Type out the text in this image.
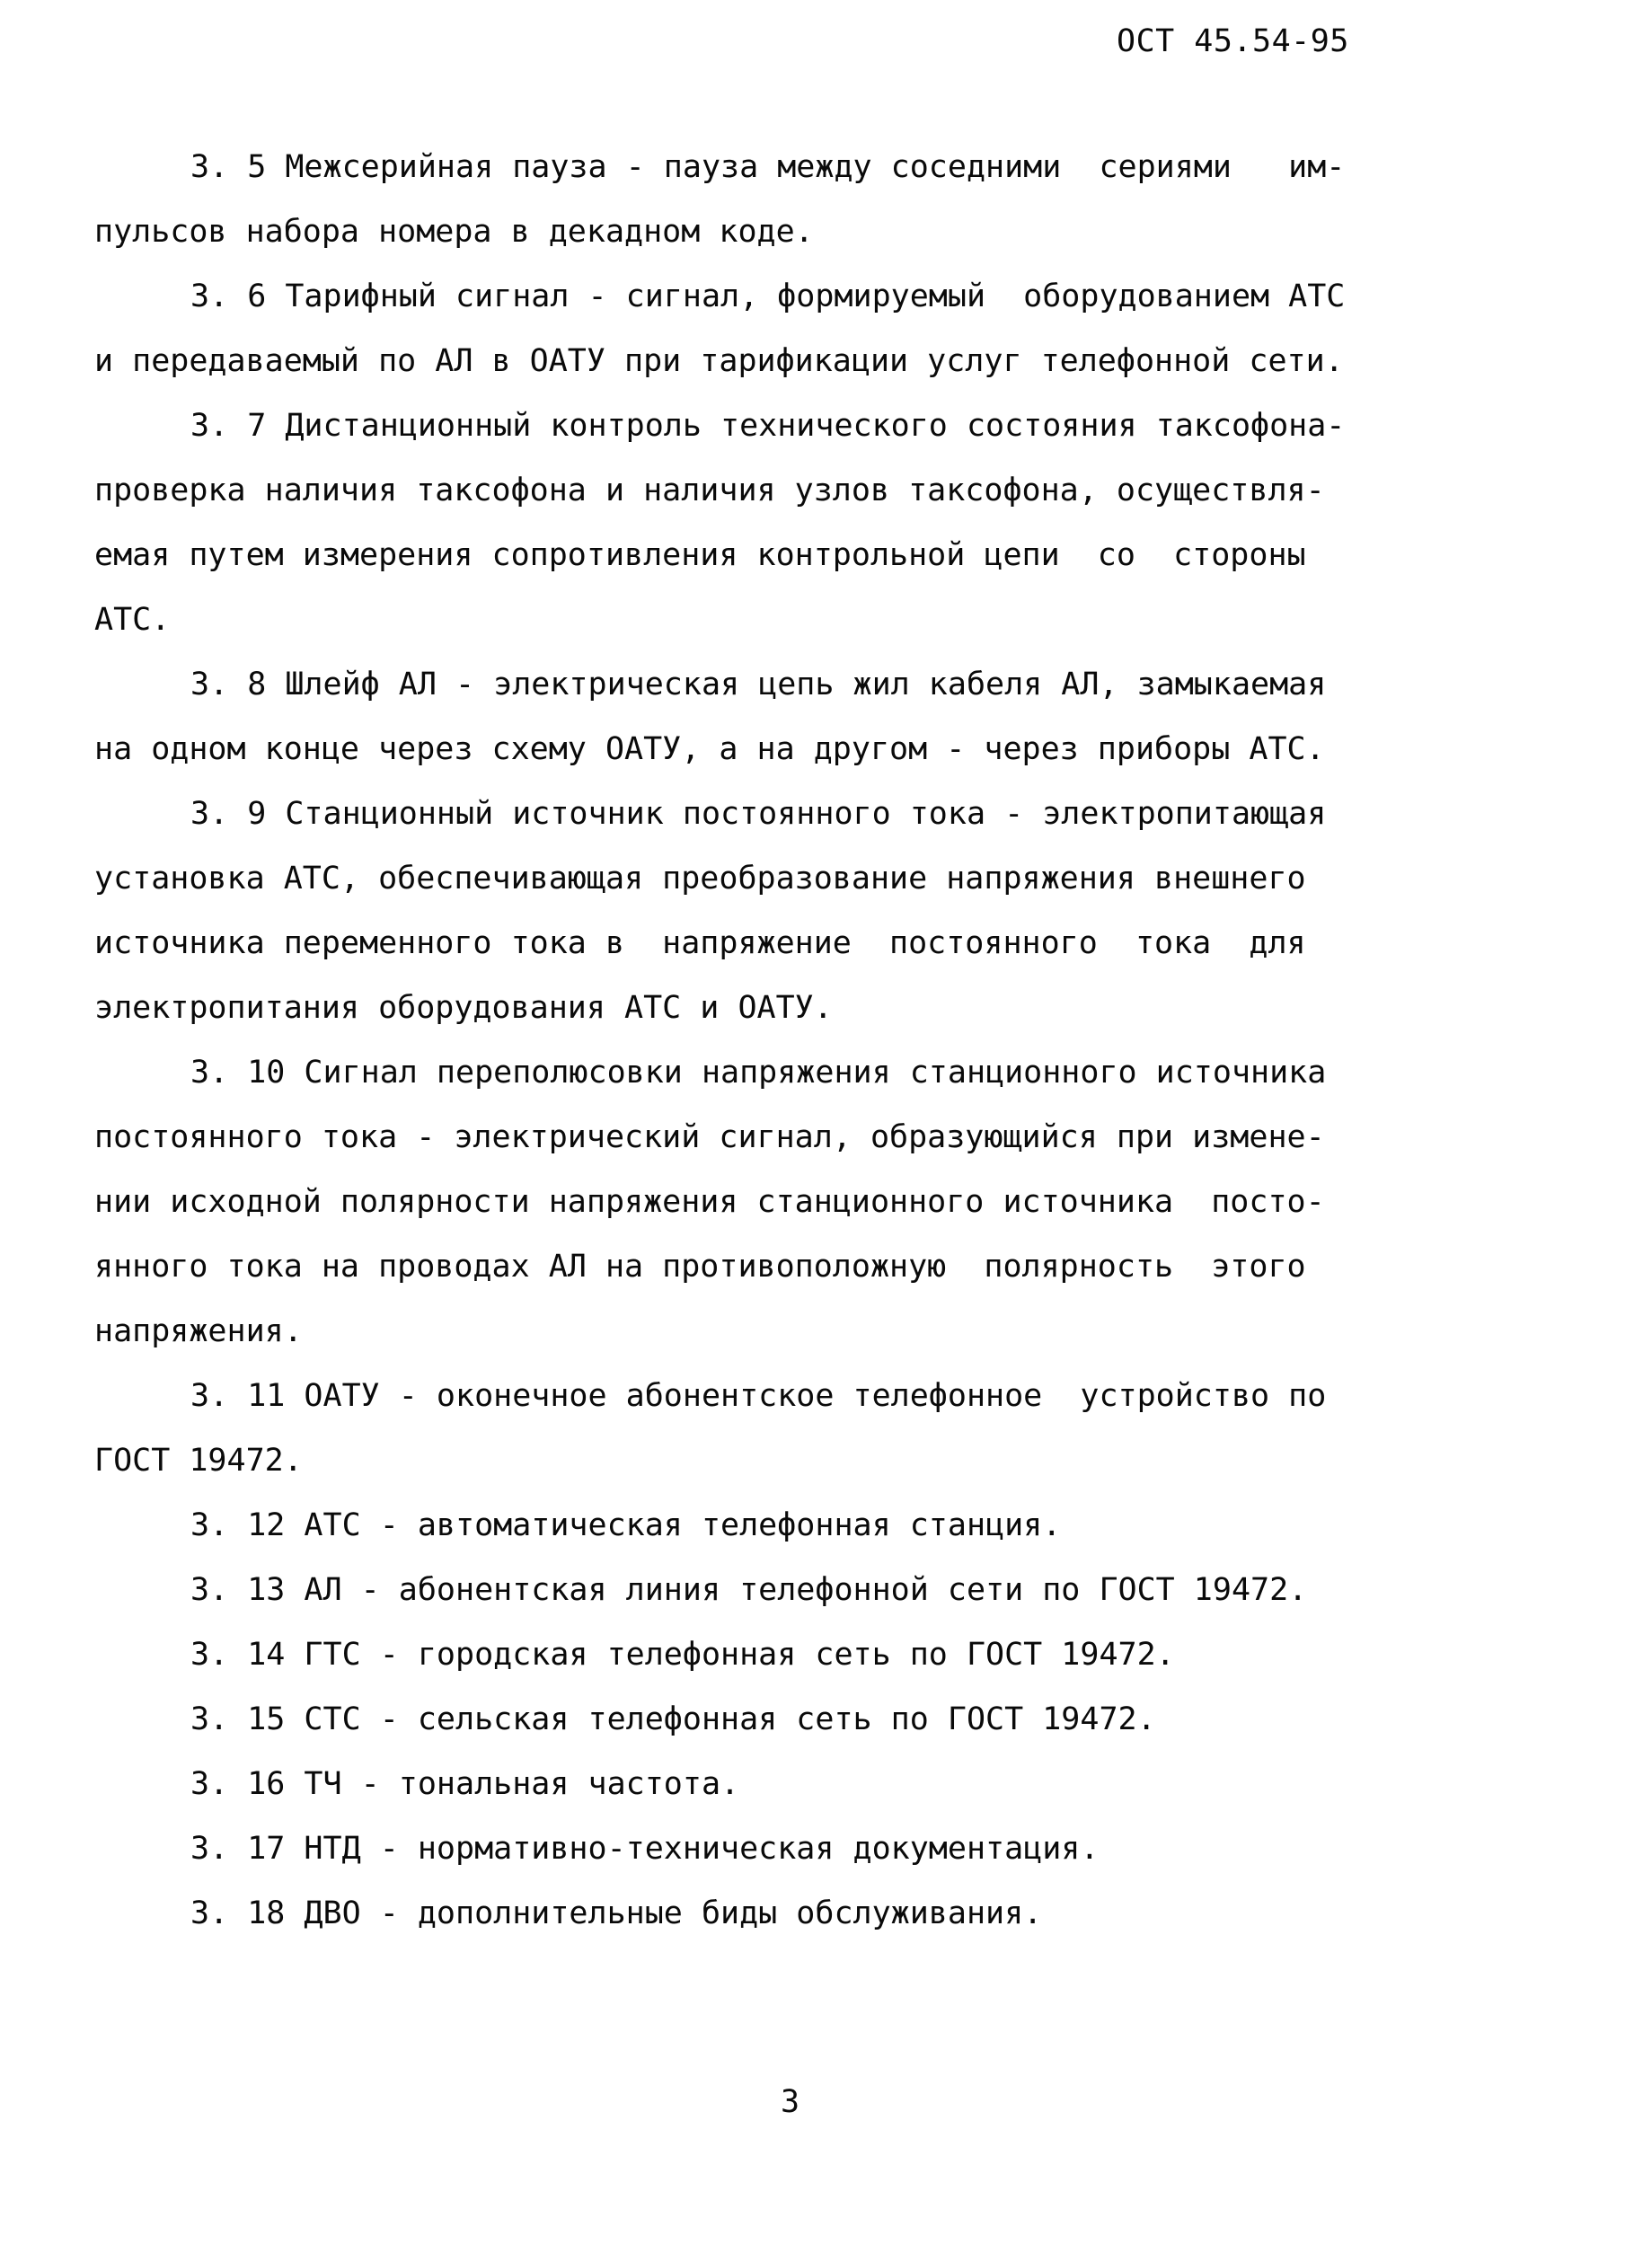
ОСТ 45.54-95
3. 5 Межсерийная пауза - пауза между соседними  сериями   им-
пульсов набора номера в декадном коде.
3. 6 Тарифный сигнал - сигнал, формируемый  оборудованием АТС
и передаваемый по АЛ в ОАТУ при тарификации услуг телефонной сети.
3. 7 Дистанционный контроль технического состояния таксофона-
проверка наличия таксофона и наличия узлов таксофона, осуществля-
емая путем измерения сопротивления контрольной цепи  со  стороны
АТС.
3. 8 Шлейф АЛ - электрическая цепь жил кабеля АЛ, замыкаемая
на одном конце через схему ОАТУ, а на другом - через приборы АТС.
3. 9 Станционный источник постоянного тока - электропитающая
установка АТС, обеспечивающая преобразование напряжения внешнего
источника переменного тока в  напряжение  постоянного  тока  для
электропитания оборудования АТС и ОАТУ.
3. 10 Сигнал переполюсовки напряжения станционного источника
постоянного тока - электрический сигнал, образующийся при измене-
нии исходной полярности напряжения станционного источника  посто-
янного тока на проводах АЛ на противоположную  полярность  этого
напряжения.
3. 11 ОАТУ - оконечное абонентское телефонное  устройство по
ГОСТ 19472.
3. 12 АТС - автоматическая телефонная станция.
3. 13 АЛ - абонентская линия телефонной сети по ГОСТ 19472.
3. 14 ГТС - городская телефонная сеть по ГОСТ 19472.
3. 15 СТС - сельская телефонная сеть по ГОСТ 19472.
3. 16 ТЧ - тональная частота.
3. 17 НТД - нормативно-техническая документация.
3. 18 ДВО - дополнительные биды обслуживания.
3
